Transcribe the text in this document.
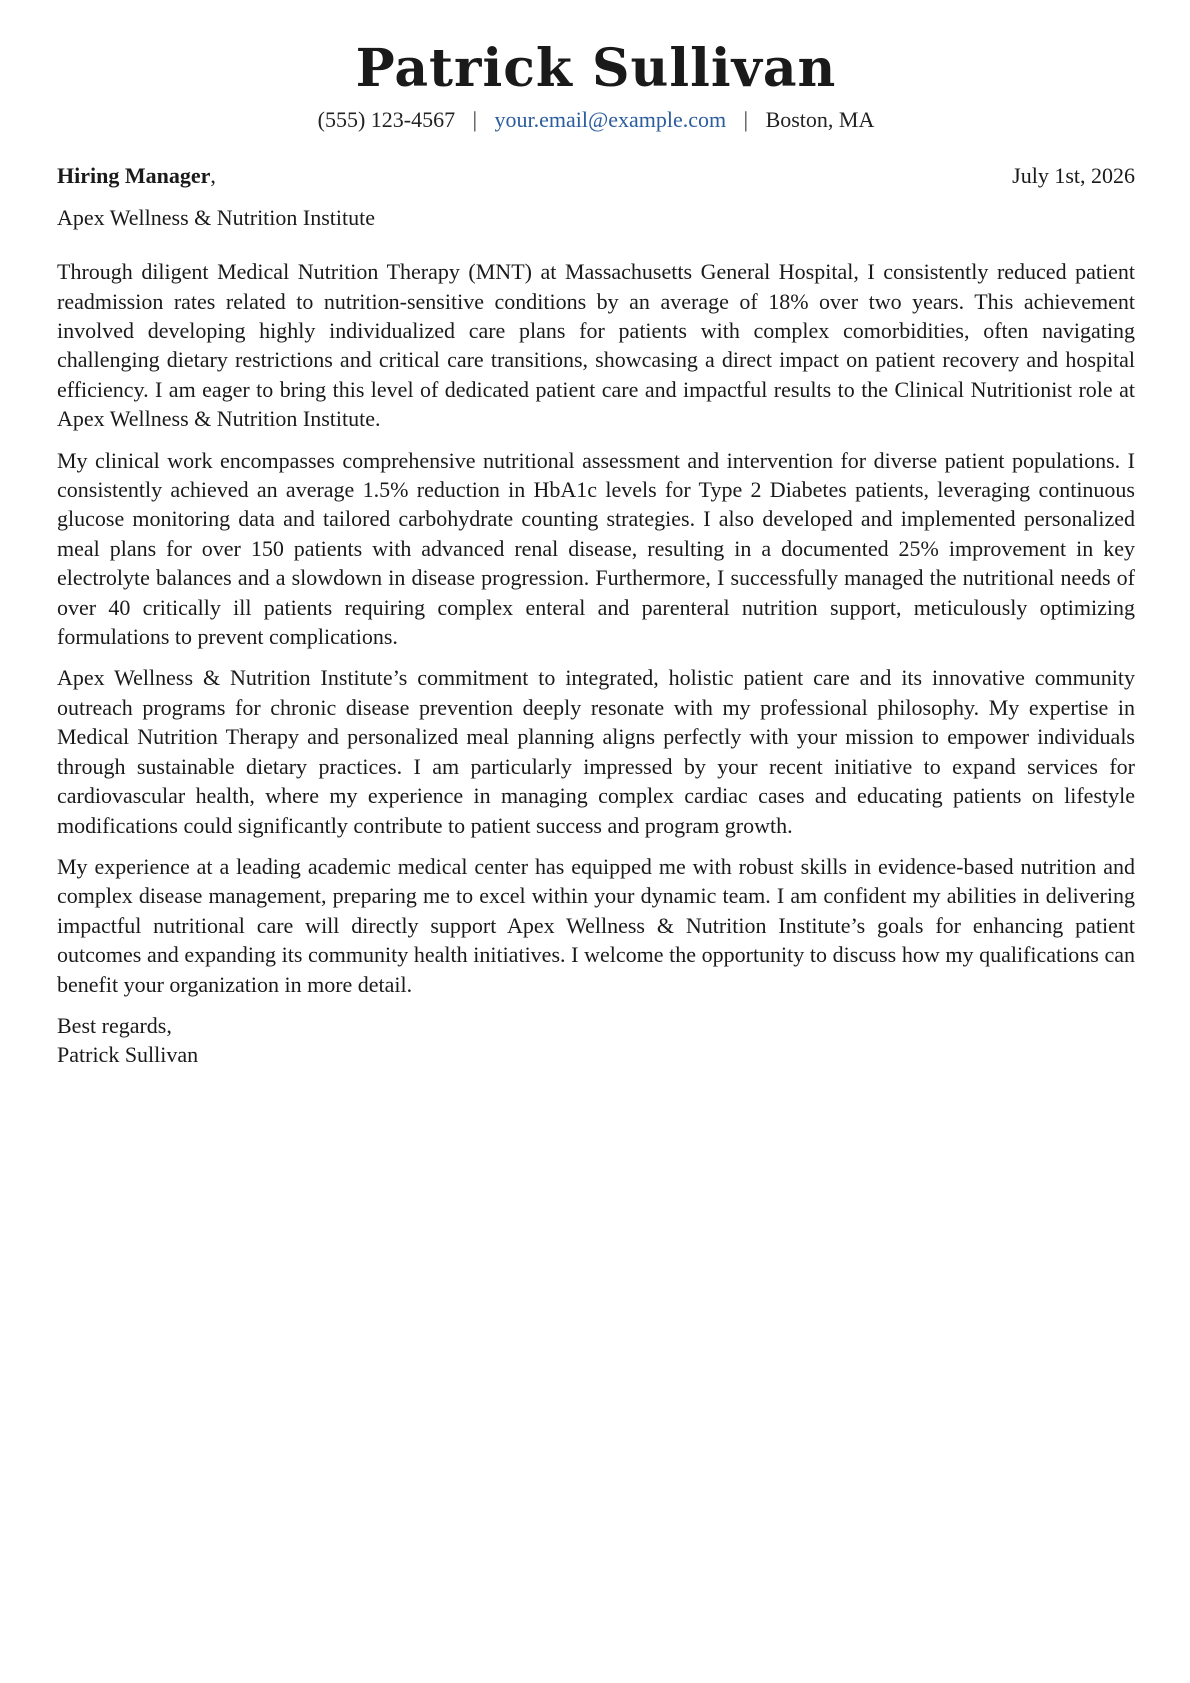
Patrick Sullivan
(555) 123-4567 | your.email@example.com | Boston, MA
Hiring Manager,	July 1st, 2026
Apex Wellness & Nutrition Institute

Through diligent Medical Nutrition Therapy (MNT) at Massachusetts General Hospital, I consistently reduced patient readmission rates related to nutrition-sensitive conditions by an average of 18% over two years. This achievement involved developing highly individualized care plans for patients with complex comorbidities, often navigating challenging dietary restrictions and critical care transitions, showcasing a direct impact on patient recovery and hospital efficiency. I am eager to bring this level of dedicated patient care and impactful results to the Clinical Nutritionist role at Apex Wellness & Nutrition Institute.

My clinical work encompasses comprehensive nutritional assessment and intervention for diverse patient populations. I consistently achieved an average 1.5% reduction in HbA1c levels for Type 2 Diabetes patients, leveraging continuous glucose monitoring data and tailored carbohydrate counting strategies. I also developed and implemented personalized meal plans for over 150 patients with advanced renal disease, resulting in a documented 25% improvement in key electrolyte balances and a slowdown in disease progression. Furthermore, I successfully managed the nutritional needs of over 40 critically ill patients requiring complex enteral and parenteral nutrition support, meticulously optimizing formulations to prevent complications.

Apex Wellness & Nutrition Institute’s commitment to integrated, holistic patient care and its innovative community outreach programs for chronic disease prevention deeply resonate with my professional philosophy. My expertise in Medical Nutrition Therapy and personalized meal planning aligns perfectly with your mission to empower individuals through sustainable dietary practices. I am particularly impressed by your recent initiative to expand services for cardiovascular health, where my experience in managing complex cardiac cases and educating patients on lifestyle modifications could significantly contribute to patient success and program growth.

My experience at a leading academic medical center has equipped me with robust skills in evidence-based nutrition and complex disease management, preparing me to excel within your dynamic team. I am confident my abilities in delivering impactful nutritional care will directly support Apex Wellness & Nutrition Institute’s goals for enhancing patient outcomes and expanding its community health initiatives. I welcome the opportunity to discuss how my qualifications can benefit your organization in more detail.

Best regards,
Patrick Sullivan
